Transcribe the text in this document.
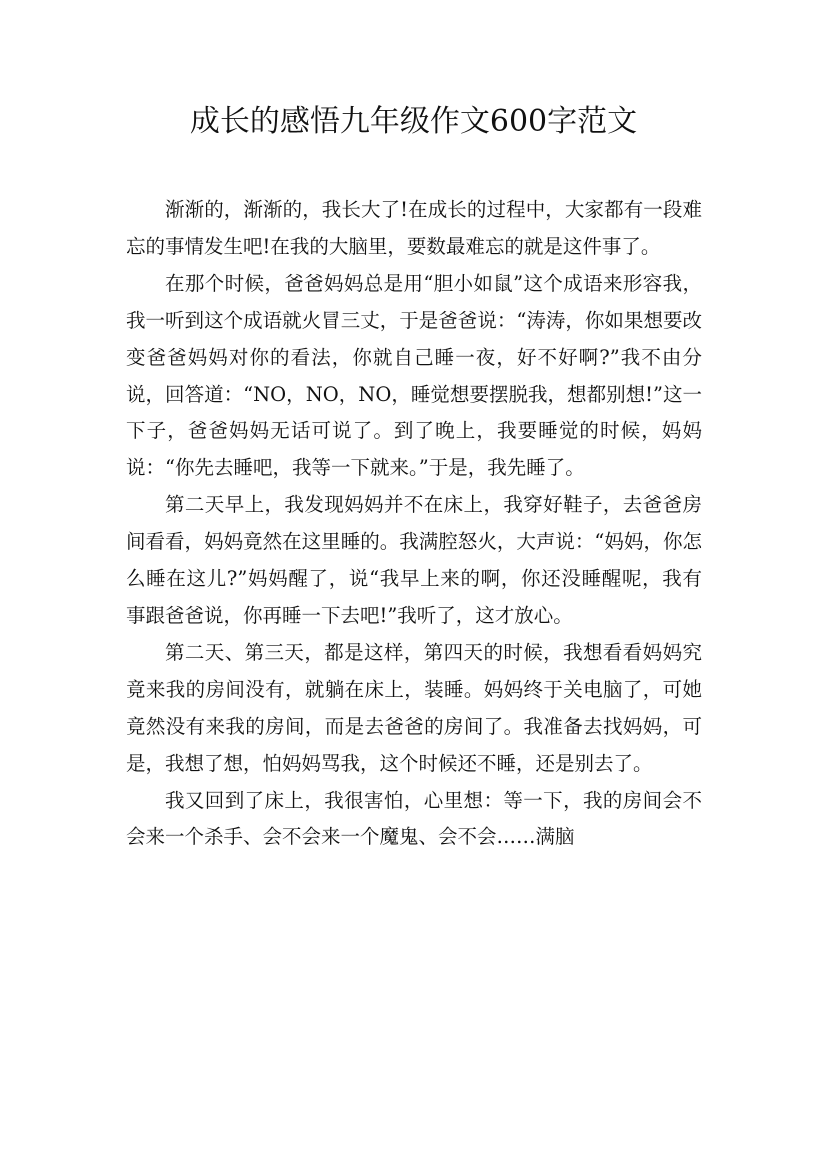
成长的感悟九年级作文600字范文

渐渐的，渐渐的，我长大了!在成长的过程中，大家都有一段难忘的事情发生吧!在我的大脑里，要数最难忘的就是这件事了。

在那个时候，爸爸妈妈总是用“胆小如鼠”这个成语来形容我，我一听到这个成语就火冒三丈，于是爸爸说：“涛涛，你如果想要改变爸爸妈妈对你的看法，你就自己睡一夜，好不好啊?”我不由分说，回答道：“NO，NO，NO，睡觉想要摆脱我，想都别想!”这一下子，爸爸妈妈无话可说了。到了晚上，我要睡觉的时候，妈妈说：“你先去睡吧，我等一下就来。”于是，我先睡了。

第二天早上，我发现妈妈并不在床上，我穿好鞋子，去爸爸房间看看，妈妈竟然在这里睡的。我满腔怒火，大声说：“妈妈，你怎么睡在这儿?”妈妈醒了，说“我早上来的啊，你还没睡醒呢，我有事跟爸爸说，你再睡一下去吧!”我听了，这才放心。

第二天、第三天，都是这样，第四天的时候，我想看看妈妈究竟来我的房间没有，就躺在床上，装睡。妈妈终于关电脑了，可她竟然没有来我的房间，而是去爸爸的房间了。我准备去找妈妈，可是，我想了想，怕妈妈骂我，这个时候还不睡，还是别去了。

我又回到了床上，我很害怕，心里想：等一下，我的房间会不会来一个杀手、会不会来一个魔鬼、会不会……满脑
